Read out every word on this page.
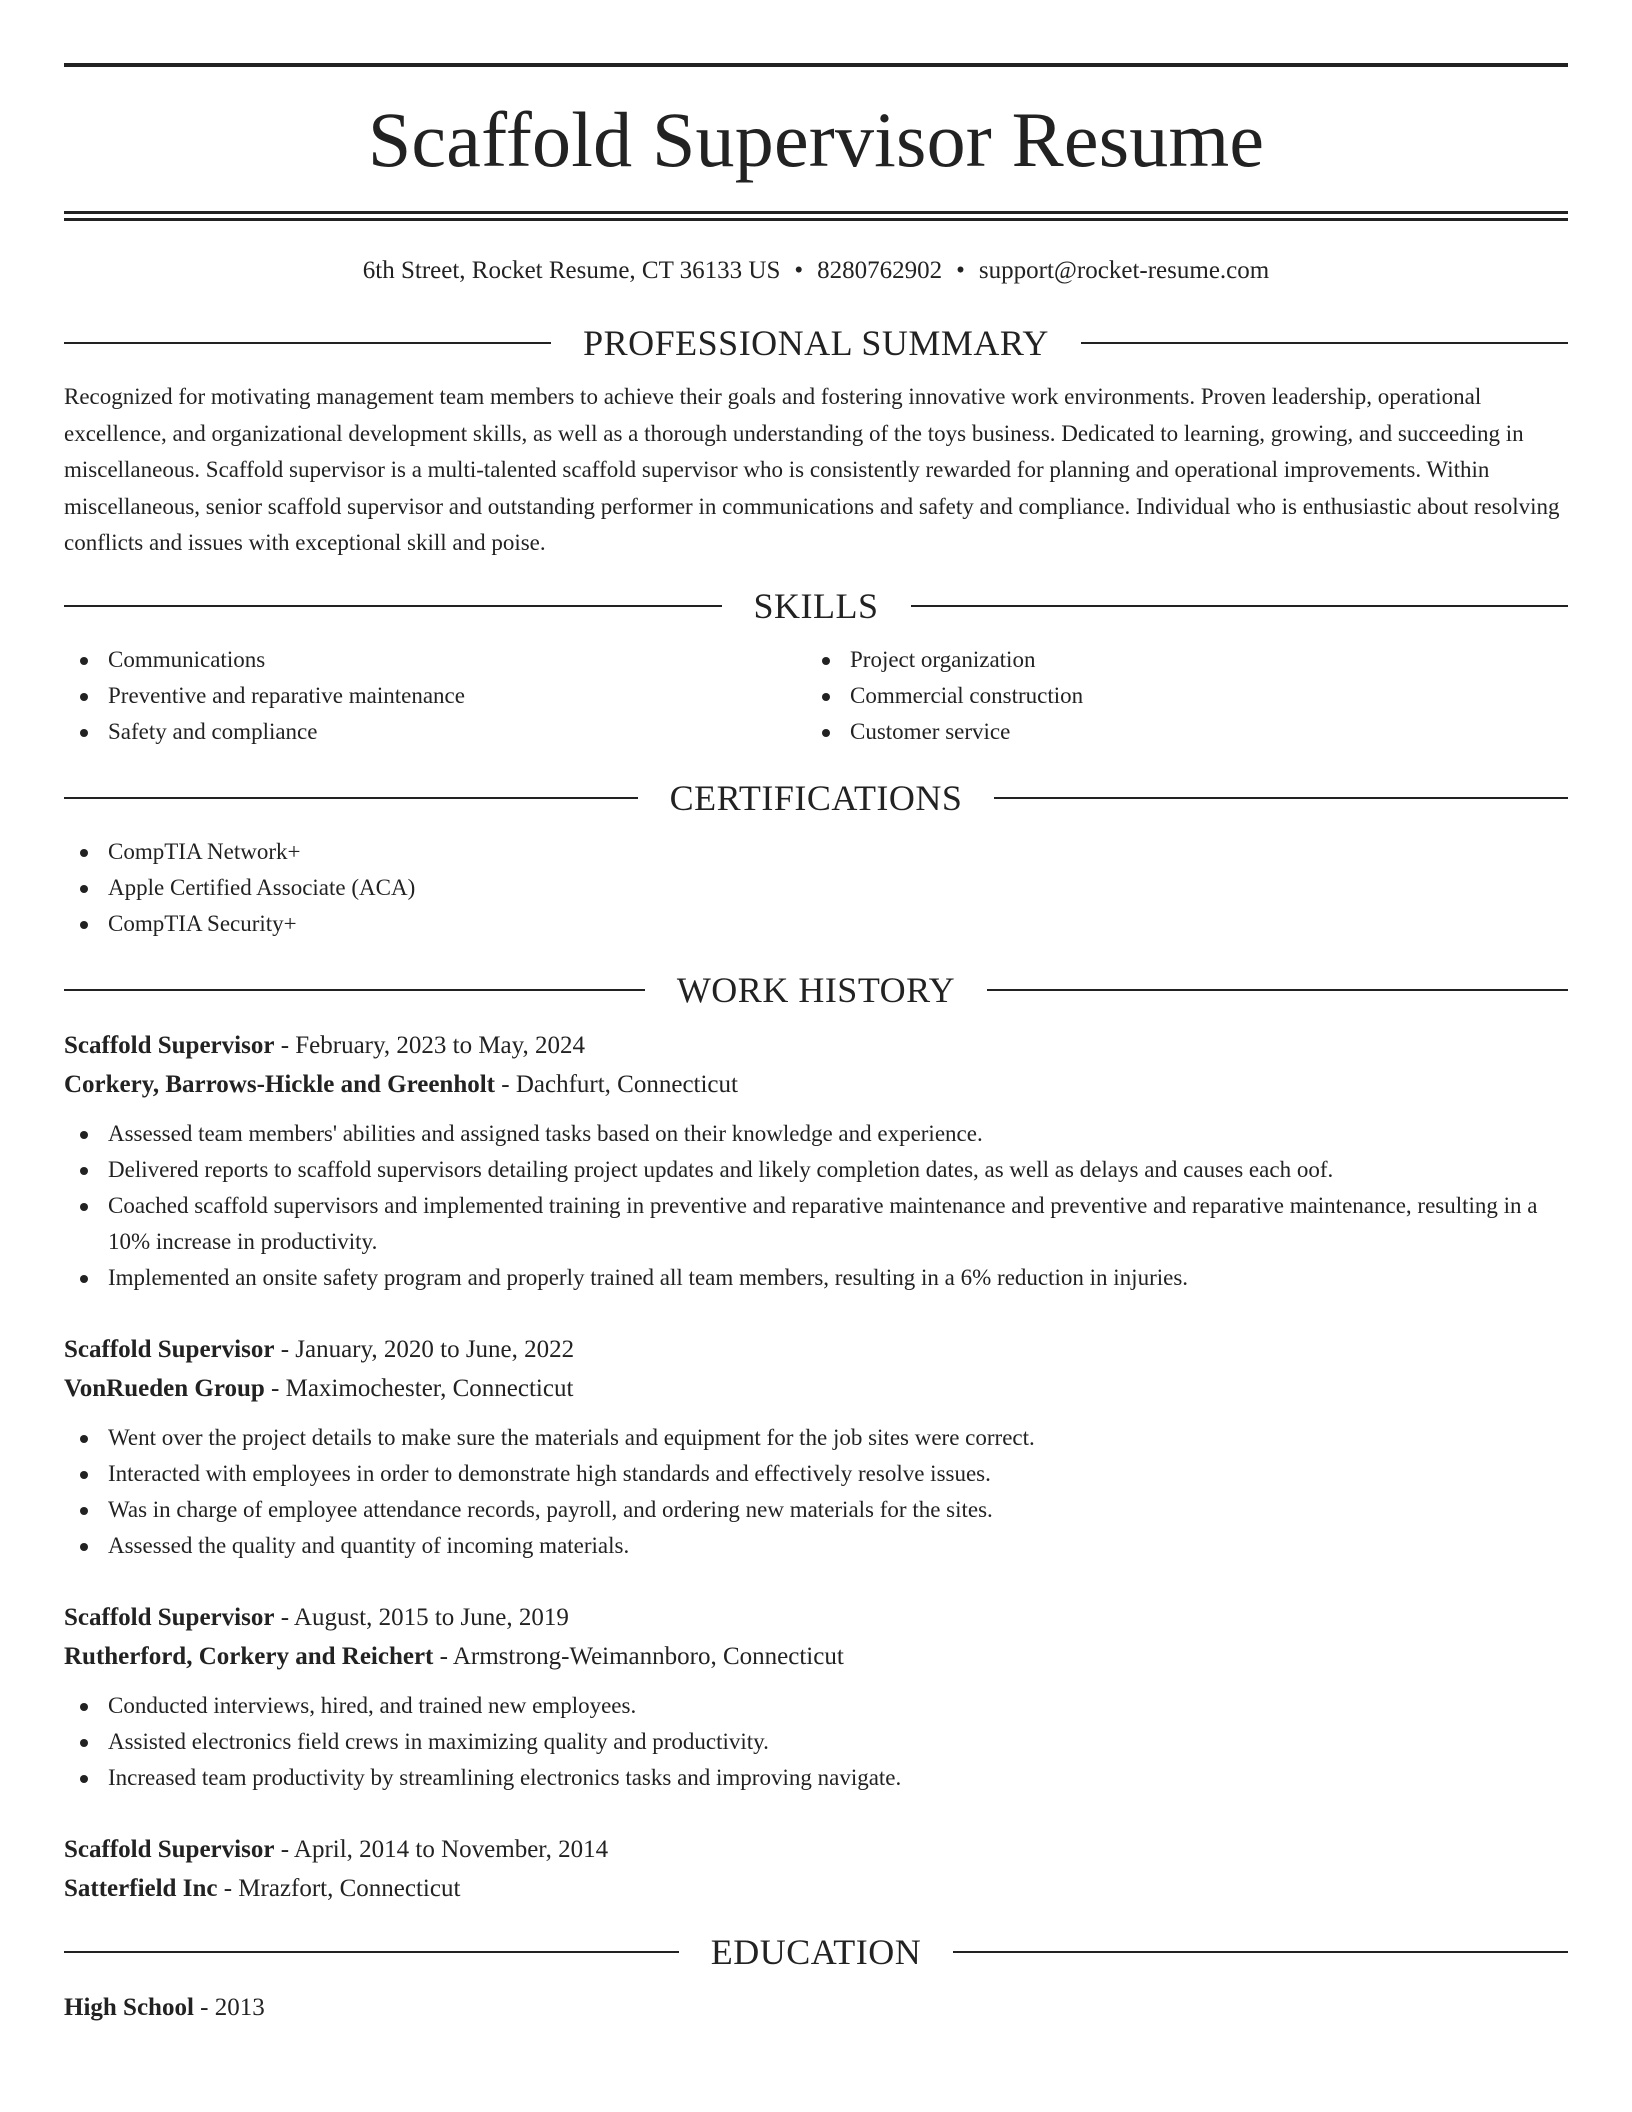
Scaffold Supervisor Resume
6th Street, Rocket Resume, CT 36133 US • 8280762902 • support@rocket-resume.com
PROFESSIONAL SUMMARY

Recognized for motivating management team members to achieve their goals and fostering innovative work environments. Proven leadership, operational excellence, and organizational development skills, as well as a thorough understanding of the toys business. Dedicated to learning, growing, and succeeding in miscellaneous. Scaffold supervisor is a multi-talented scaffold supervisor who is consistently rewarded for planning and operational improvements. Within miscellaneous, senior scaffold supervisor and outstanding performer in communications and safety and compliance. Individual who is enthusiastic about resolving conflicts and issues with exceptional skill and poise.

SKILLS
Communications
Preventive and reparative maintenance
Safety and compliance
Project organization
Commercial construction
Customer service
CERTIFICATIONS
CompTIA Network+
Apple Certified Associate (ACA)
CompTIA Security+
WORK HISTORY
Scaffold Supervisor - February, 2023 to May, 2024
Corkery, Barrows-Hickle and Greenholt - Dachfurt, Connecticut
Assessed team members' abilities and assigned tasks based on their knowledge and experience.
Delivered reports to scaffold supervisors detailing project updates and likely completion dates, as well as delays and causes each oof.
Coached scaffold supervisors and implemented training in preventive and reparative maintenance and preventive and reparative maintenance, resulting in a 10% increase in productivity.
Implemented an onsite safety program and properly trained all team members, resulting in a 6% reduction in injuries.
Scaffold Supervisor - January, 2020 to June, 2022
VonRueden Group - Maximochester, Connecticut
Went over the project details to make sure the materials and equipment for the job sites were correct.
Interacted with employees in order to demonstrate high standards and effectively resolve issues.
Was in charge of employee attendance records, payroll, and ordering new materials for the sites.
Assessed the quality and quantity of incoming materials.
Scaffold Supervisor - August, 2015 to June, 2019
Rutherford, Corkery and Reichert - Armstrong-Weimannboro, Connecticut
Conducted interviews, hired, and trained new employees.
Assisted electronics field crews in maximizing quality and productivity.
Increased team productivity by streamlining electronics tasks and improving navigate.
Scaffold Supervisor - April, 2014 to November, 2014
Satterfield Inc - Mrazfort, Connecticut
EDUCATION
High School - 2013
